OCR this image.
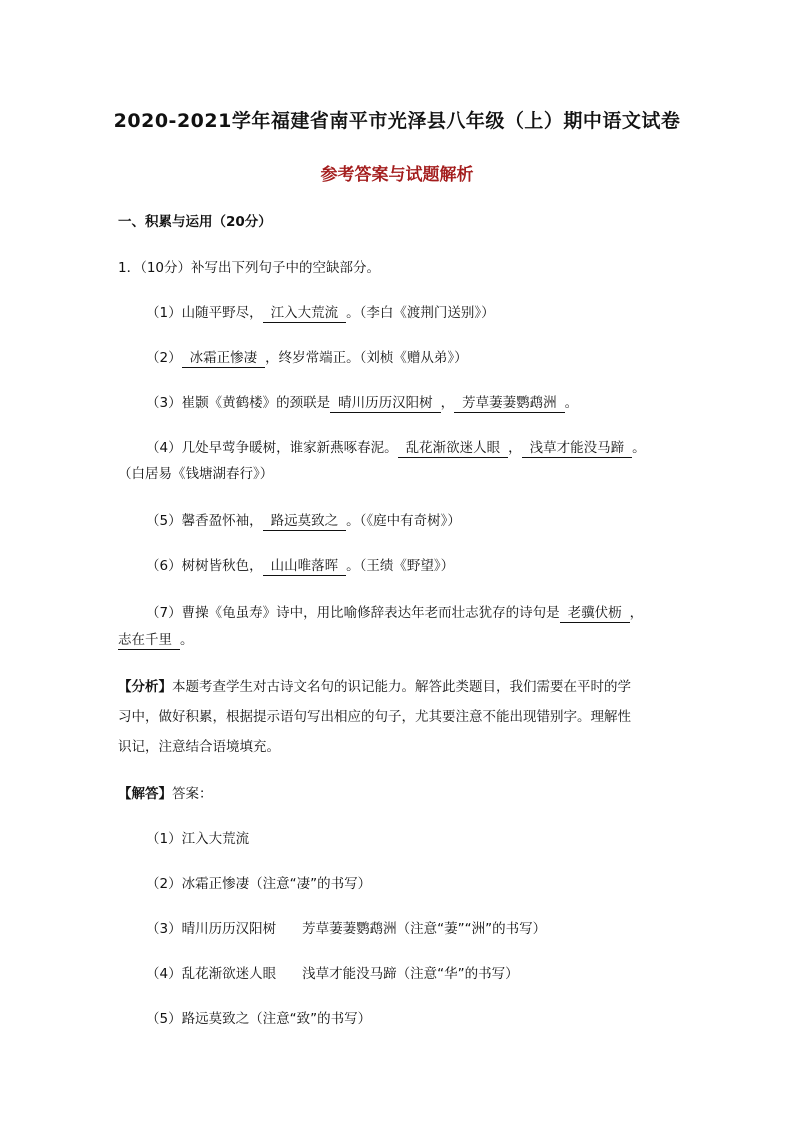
2020-2021学年福建省南平市光泽县八年级（上）期中语文试卷
参考答案与试题解析
一、积累与运用（20分）
1．（10分）补写出下列句子中的空缺部分。
（1）山随平野尽， 江入大荒流 。（李白《渡荆门送别》）
（2） 冰霜正惨凄 ，终岁常端正。（刘桢《赠从弟》）
（3）崔颢《黄鹤楼》的颈联是 晴川历历汉阳树 ， 芳草萋萋鹦鹉洲 。
（4）几处早莺争暖树，谁家新燕啄春泥。 乱花渐欲迷人眼 ， 浅草才能没马蹄 。
（白居易《钱塘湖春行》）
（5）馨香盈怀袖， 路远莫致之 。（《庭中有奇树》）
（6）树树皆秋色， 山山唯落晖 。（王绩《野望》）
（7）曹操《龟虽寿》诗中，用比喻修辞表达年老而壮志犹存的诗句是 老骥伏枥 ，
志在千里 。
【分析】本题考查学生对古诗文名句的识记能力。解答此类题目，我们需要在平时的学
习中，做好积累，根据提示语句写出相应的句子，尤其要注意不能出现错别字。理解性
识记，注意结合语境填充。
【解答】答案：
（1）江入大荒流
（2）冰霜正惨凄（注意“凄”的书写）
（3）晴川历历汉阳树 芳草萋萋鹦鹉洲（注意“萋”“洲”的书写）
（4）乱花渐欲迷人眼 浅草才能没马蹄（注意“华”的书写）
（5）路远莫致之（注意“致”的书写）
